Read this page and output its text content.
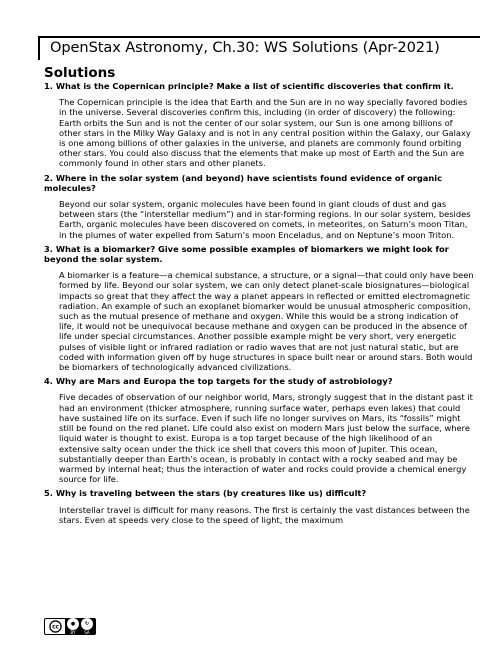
OpenStax Astronomy, Ch.30: WS Solutions (Apr-2021)
Solutions
1. What is the Copernican principle? Make a list of scientific discoveries that confirm it.
The Copernican principle is the idea that Earth and the Sun are in no way specially favored bodies in the universe. Several discoveries confirm this, including (in order of discovery) the following: Earth orbits the Sun and is not the center of our solar system, our Sun is one among billions of other stars in the Milky Way Galaxy and is not in any central position within the Galaxy, our Galaxy is one among billions of other galaxies in the universe, and planets are commonly found orbiting other stars. You could also discuss that the elements that make up most of Earth and the Sun are commonly found in other stars and other planets.
2. Where in the solar system (and beyond) have scientists found evidence of organic molecules?
Beyond our solar system, organic molecules have been found in giant clouds of dust and gas between stars (the “interstellar medium”) and in star-forming regions. In our solar system, besides Earth, organic molecules have been discovered on comets, in meteorites, on Saturn’s moon Titan, in the plumes of water expelled from Saturn’s moon Enceladus, and on Neptune’s moon Triton.
3. What is a biomarker? Give some possible examples of biomarkers we might look for beyond the solar system.
A biomarker is a feature—a chemical substance, a structure, or a signal—that could only have been formed by life. Beyond our solar system, we can only detect planet-scale biosignatures—biological impacts so great that they affect the way a planet appears in reflected or emitted electromagnetic radiation. An example of such an exoplanet biomarker would be unusual atmospheric composition, such as the mutual presence of methane and oxygen. While this would be a strong indication of life, it would not be unequivocal because methane and oxygen can be produced in the absence of life under special circumstances. Another possible example might be very short, very energetic pulses of visible light or infrared radiation or radio waves that are not just natural static, but are coded with information given off by huge structures in space built near or around stars. Both would be biomarkers of technologically advanced civilizations.
4. Why are Mars and Europa the top targets for the study of astrobiology?
Five decades of observation of our neighbor world, Mars, strongly suggest that in the distant past it had an environment (thicker atmosphere, running surface water, perhaps even lakes) that could have sustained life on its surface. Even if such life no longer survives on Mars, its “fossils” might still be found on the red planet. Life could also exist on modern Mars just below the surface, where liquid water is thought to exist. Europa is a top target because of the high likelihood of an extensive salty ocean under the thick ice shell that covers this moon of Jupiter. This ocean, substantially deeper than Earth’s ocean, is probably in contact with a rocky seabed and may be warmed by internal heat; thus the interaction of water and rocks could provide a chemical energy source for life.
5. Why is traveling between the stars (by creatures like us) difficult?
Interstellar travel is difficult for many reasons. The first is certainly the vast distances between the stars. Even at speeds very close to the speed of light, the maximum
cc
●
BY
↻
SA
